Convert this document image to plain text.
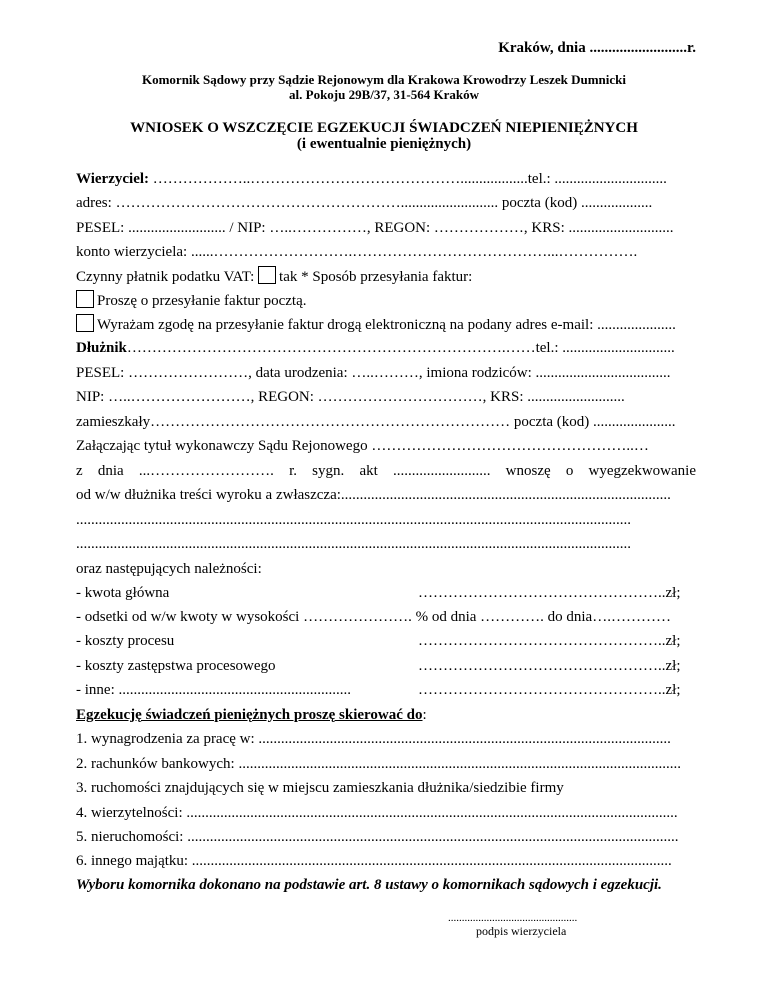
Kraków, dnia ..........................r.
Komornik Sądowy przy Sądzie Rejonowym dla Krakowa Krowodrzy Leszek Dumnicki
al. Pokoju 29B/37, 31-564 Kraków
WNIOSEK O WSZCZĘCIE EGZEKUCJI ŚWIADCZEŃ NIEPIENIĘŻNYCH
(i ewentualnie pieniężnych)
Wierzyciel: ………………..……………………………………..................tel.: ..............................
adres: ………………………………………………….......................... poczta (kod) ...................
PESEL: .......................... / NIP: …..……………, REGON: ………………, KRS: ............................
konto wierzyciela: ......……………………….…………………………………...…………….
Czynny płatnik podatku VAT: tak * Sposób przesyłania faktur:
Proszę o przesyłanie faktur pocztą.
Wyrażam zgodę na przesyłanie faktur drogą elektroniczną na podany adres e-mail: .....................
Dłużnik………………………………………………………………….……tel.: ..............................
PESEL: ……………………, data urodzenia: …..………, imiona rodziców: ....................................
NIP: …..……………………, REGON: ……………………………, KRS: ..........................
zamieszkały……………………………………………………………… poczta (kod) ......................
Załączając tytuł wykonawczy Sądu Rejonowego ……………………………………………..…
z dnia ...……………………. r. sygn. akt .......................... wnoszę o wyegzekwowanie
od w/w dłużnika treści wyroku a zwłaszcza:........................................................................................
....................................................................................................................................................
....................................................................................................................................................
oraz następujących należności:
- kwota główna	…………………………………………..zł;
- odsetki od w/w kwoty w wysokości …………………. % od dnia …………. do dnia….…………
- koszty procesu	…………………………………………..zł;
- koszty zastępstwa procesowego	…………………………………………..zł;
- inne: ..............................................................	…………………………………………..zł;
Egzekucję świadczeń pieniężnych proszę skierować do:
1. wynagrodzenia za pracę w: ..............................................................................................................
2. rachunków bankowych: ......................................................................................................................
3. ruchomości znajdujących się w miejscu zamieszkania dłużnika/siedzibie firmy
4. wierzytelności: ...................................................................................................................................
5. nieruchomości: ...................................................................................................................................
6. innego majątku: ................................................................................................................................
Wyboru komornika dokonano na podstawie art. 8 ustawy o komornikach sądowych i egzekucji.
...............................................
podpis wierzyciela
